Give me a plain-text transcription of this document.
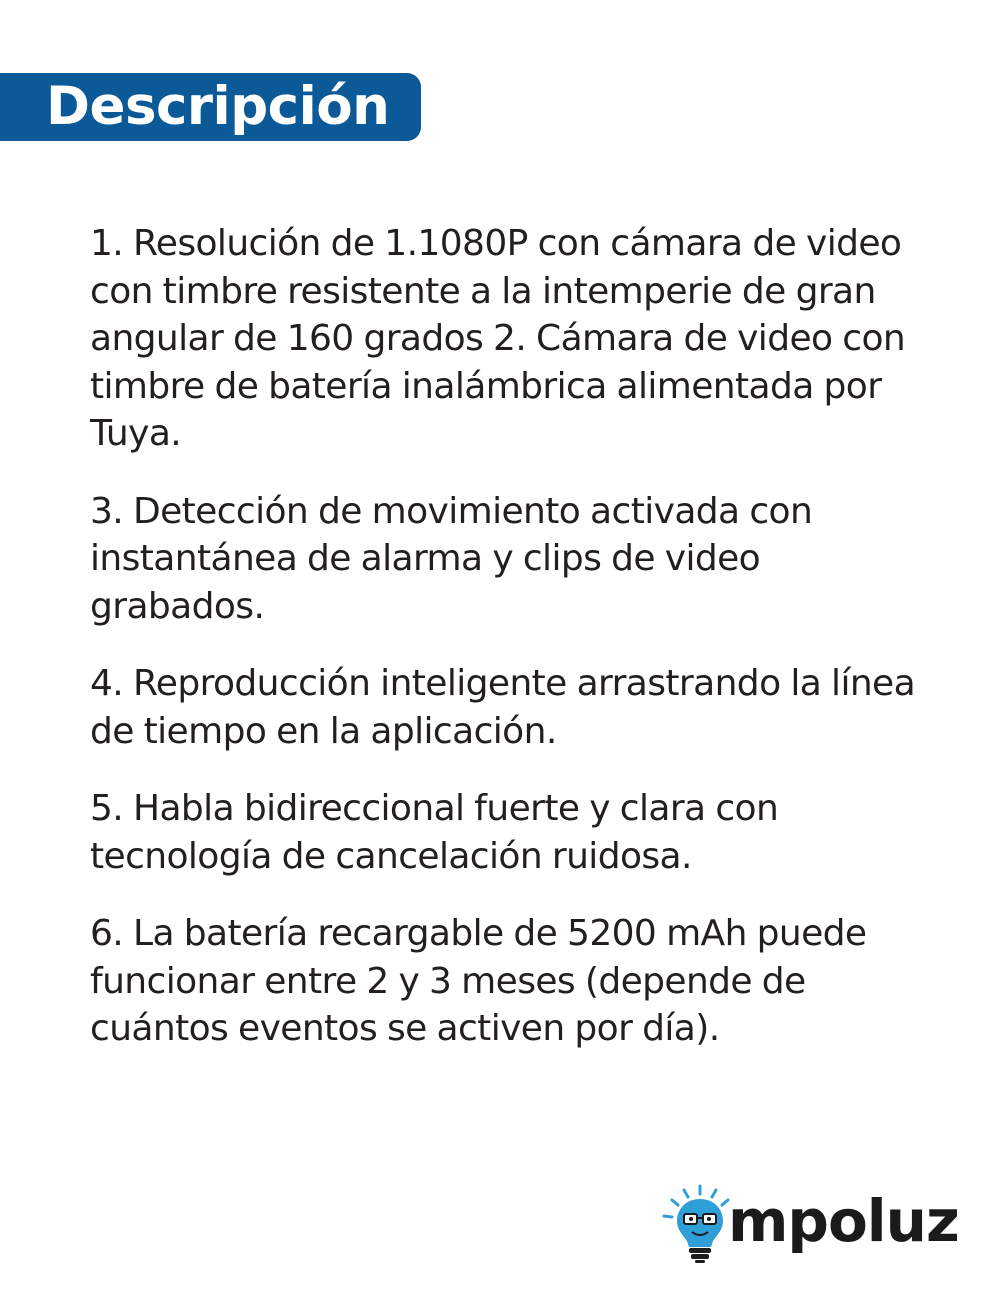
Descripción

1. Resolución de 1.1080P con cámara de video con timbre resistente a la intemperie de gran angular de 160 grados 2. Cámara de video con timbre de batería inalámbrica alimentada por Tuya.

3. Detección de movimiento activada con instantánea de alarma y clips de video grabados.

4. Reproducción inteligente arrastrando la línea de tiempo en la aplicación.

5. Habla bidireccional fuerte y clara con tecnología de cancelación ruidosa.

6. La batería recargable de 5200 mAh puede funcionar entre 2 y 3 meses (depende de cuántos eventos se activen por día).

mpoluz
